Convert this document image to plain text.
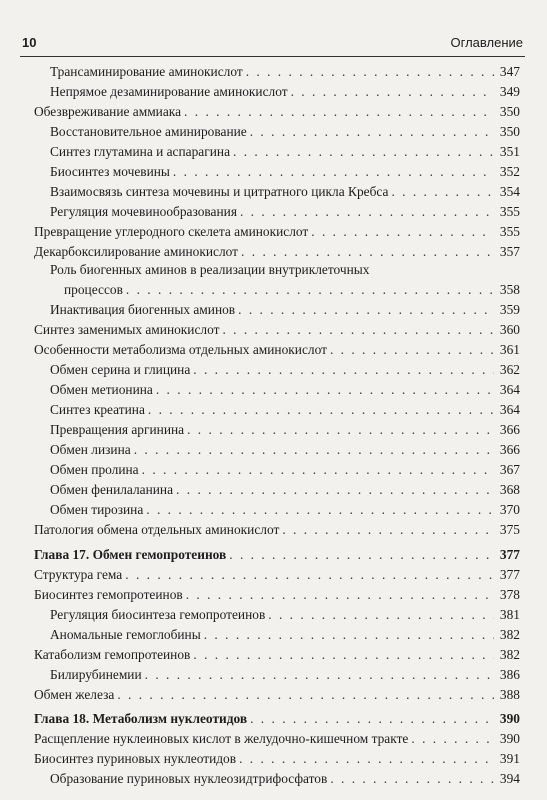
10	Оглавление
Трансаминирование аминокислот . . .	347
Непрямое дезаминирование аминокислот . . .	349
Обезвреживание аммиака . . .	350
Восстановительное аминирование . . .	350
Синтез глутамина и аспарагина . . .	351
Биосинтез мочевины . . .	352
Взаимосвязь синтеза мочевины и цитратного цикла Кребса . . .	354
Регуляция мочевинообразования . . .	355
Превращение углеродного скелета аминокислот . . .	355
Декарбоксилирование аминокислот . . .	357
Роль биогенных аминов в реализации внутриклеточных
процессов . . .	358
Инактивация биогенных аминов . . .	359
Синтез заменимых аминокислот . . .	360
Особенности метаболизма отдельных аминокислот . . .	361
Обмен серина и глицина . . .	362
Обмен метионина . . .	364
Синтез креатина . . .	364
Превращения аргинина . . .	366
Обмен лизина . . .	366
Обмен пролина . . .	367
Обмен фенилаланина . . .	368
Обмен тирозина . . .	370
Патология обмена отдельных аминокислот . . .	375
Глава 17. Обмен гемопротеинов . . .	377
Структура гема . . .	377
Биосинтез гемопротеинов . . .	378
Регуляция биосинтеза гемопротеинов . . .	381
Аномальные гемоглобины . . .	382
Катаболизм гемопротеинов . . .	382
Билирубинемии . . .	386
Обмен железа . . .	388
Глава 18. Метаболизм нуклеотидов . . .	390
Расщепление нуклеиновых кислот в желудочно-кишечном тракте . . .	390
Биосинтез пуриновых нуклеотидов . . .	391
Образование пуриновых нуклеозидтрифосфатов . . .	394
